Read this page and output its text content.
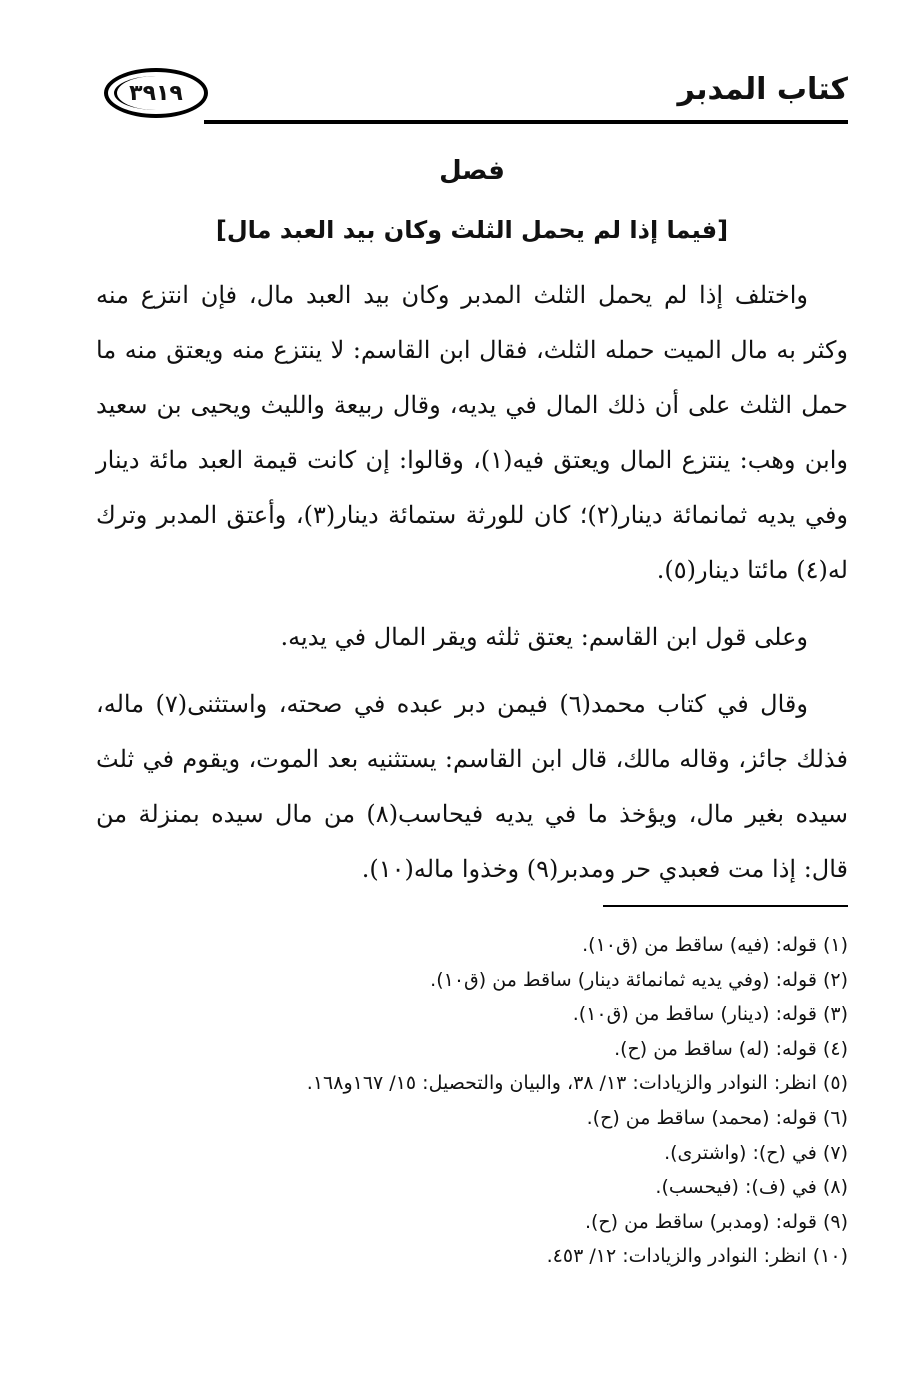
كتاب المدبر
٣٩١٩
فصل
[فيما إذا لم يحمل الثلث وكان بيد العبد مال]

واختلف إذا لم يحمل الثلث المدبر وكان بيد العبد مال، فإن انتزع منه وكثر به مال الميت حمله الثلث، فقال ابن القاسم: لا ينتزع منه ويعتق منه ما حمل الثلث على أن ذلك المال في يديه، وقال ربيعة والليث ويحيى بن سعيد وابن وهب: ينتزع المال ويعتق فيه(١)، وقالوا: إن كانت قيمة العبد مائة دينار وفي يديه ثمانمائة دينار(٢)؛ كان للورثة ستمائة دينار(٣)، وأعتق المدبر وترك له(٤) مائتا دينار(٥).

وعلى قول ابن القاسم: يعتق ثلثه ويقر المال في يديه.

وقال في كتاب محمد(٦) فيمن دبر عبده في صحته، واستثنى(٧) ماله، فذلك جائز، وقاله مالك، قال ابن القاسم: يستثنيه بعد الموت، ويقوم في ثلث سيده بغير مال، ويؤخذ ما في يديه فيحاسب(٨) من مال سيده بمنزلة من قال: إذا مت فعبدي حر ومدبر(٩) وخذوا ماله(١٠).

(١) قوله: (فيه) ساقط من (ق١٠).
(٢) قوله: (وفي يديه ثمانمائة دينار) ساقط من (ق١٠).
(٣) قوله: (دينار) ساقط من (ق١٠).
(٤) قوله: (له) ساقط من (ح).
(٥) انظر: النوادر والزيادات: ١٣/ ٣٨، والبيان والتحصيل: ١٥/ ١٦٧و١٦٨.
(٦) قوله: (محمد) ساقط من (ح).
(٧) في (ح): (واشترى).
(٨) في (ف): (فيحسب).
(٩) قوله: (ومدبر) ساقط من (ح).
(١٠) انظر: النوادر والزيادات: ١٢/ ٤٥٣.
